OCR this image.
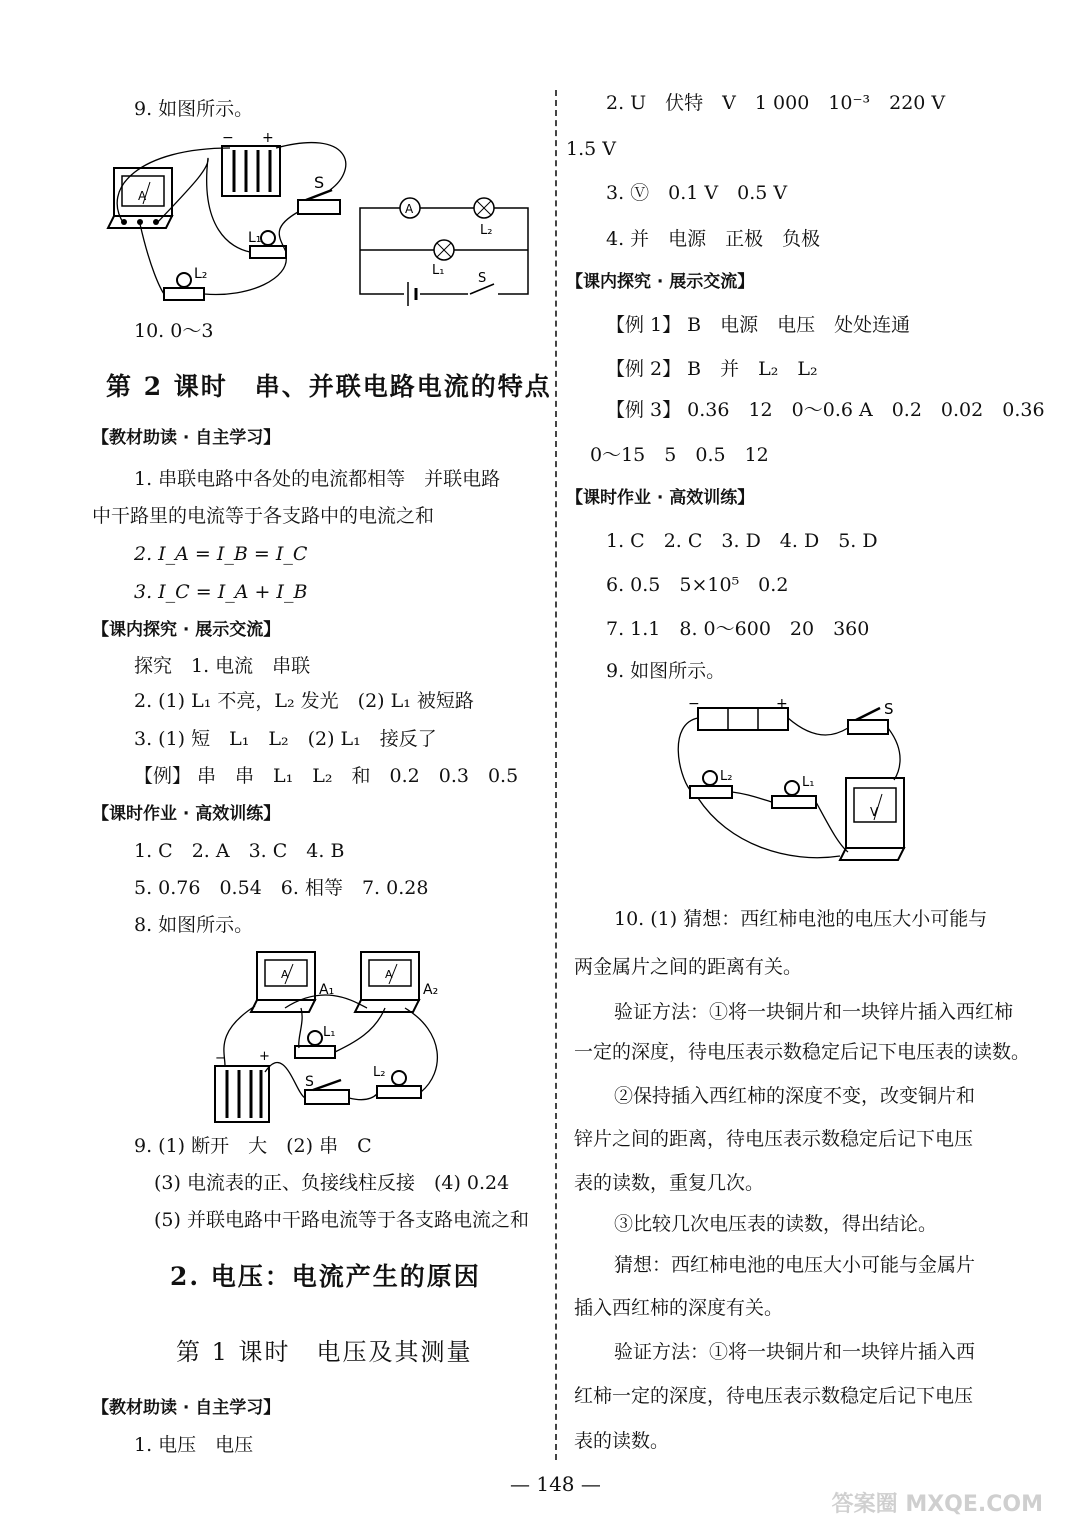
9. 如图所示。
− +
A
S
L₁
L₂
A
L₂
L₁
S
10. 0～3
第 2 课时　串、并联电路电流的特点
【教材助读 · 自主学习】
1. 串联电路中各处的电流都相等　并联电路
中干路里的电流等于各支路中的电流之和
2. I_A = I_B = I_C
3. I_C = I_A + I_B
【课内探究 · 展示交流】
探究　1. 电流　串联
2. (1) L₁ 不亮，L₂ 发光　(2) L₁ 被短路
3. (1) 短　L₁　L₂　(2) L₁　接反了
【例】 串　串　L₁　L₂　和　0.2　0.3　0.5
【课时作业 · 高效训练】
1. C　2. A　3. C　4. B
5. 0.76　0.54　6. 相等　7. 0.28
8. 如图所示。
A
A₁
A
A₂
L₁
L₂
S
−	+
9. (1) 断开　大　(2) 串　C
(3) 电流表的正、负接线柱反接　(4) 0.24
(5) 并联电路中干路电流等于各支路电流之和
2. 电压：电流产生的原因
第 1 课时　电压及其测量
【教材助读 · 自主学习】
1. 电压　电压
2. U　伏特　V　1 000　10⁻³　220 V
1.5 V
3. Ⓥ　0.1 V　0.5 V
4. 并　电源　正极　负极
【课内探究 · 展示交流】
【例 1】 B　电源　电压　处处连通
【例 2】 B　并　L₂　L₂
【例 3】 0.36　12　0～0.6 A　0.2　0.02　0.36
0～15　5　0.5　12
【课时作业 · 高效训练】
1. C　2. C　3. D　4. D　5. D
6. 0.5　5×10⁵　0.2
7. 1.1　8. 0～600　20　360
9. 如图所示。
−	+	S
L₂	L₁
V
10. (1) 猜想：西红柿电池的电压大小可能与
两金属片之间的距离有关。
验证方法：①将一块铜片和一块锌片插入西红柿
一定的深度，待电压表示数稳定后记下电压表的读数。
②保持插入西红柿的深度不变，改变铜片和
锌片之间的距离，待电压表示数稳定后记下电压
表的读数，重复几次。
③比较几次电压表的读数，得出结论。
猜想：西红柿电池的电压大小可能与金属片
插入西红柿的深度有关。
验证方法：①将一块铜片和一块锌片插入西
红柿一定的深度，待电压表示数稳定后记下电压
表的读数。
— 148 —
答案圈 MXQE.COM
